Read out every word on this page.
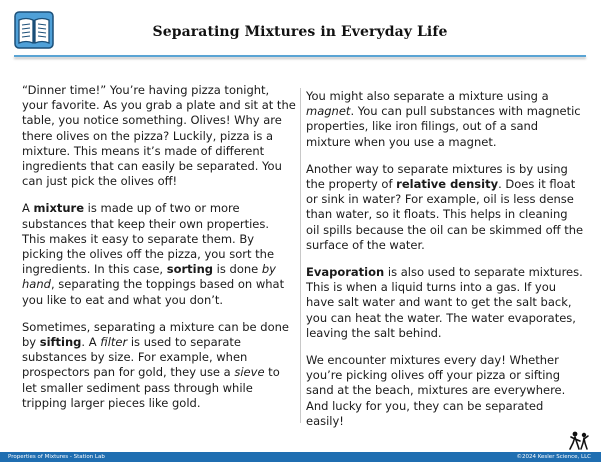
Separating Mixtures in Everyday Life

“Dinner time!” You’re having pizza tonight, your favorite. As you grab a plate and sit at the table, you notice something. Olives! Why are there olives on the pizza? Luckily, pizza is a mixture. This means it’s made of different ingredients that can easily be separated. You can just pick the olives off!

A mixture is made up of two or more substances that keep their own properties. This makes it easy to separate them. By picking the olives off the pizza, you sort the ingredients. In this case, sorting is done by hand, separating the toppings based on what you like to eat and what you don’t.

Sometimes, separating a mixture can be done by sifting. A filter is used to separate substances by size. For example, when prospectors pan for gold, they use a sieve to let smaller sediment pass through while tripping larger pieces like gold.

You might also separate a mixture using a magnet. You can pull substances with magnetic properties, like iron filings, out of a sand mixture when you use a magnet.

Another way to separate mixtures is by using the property of relative density. Does it float or sink in water? For example, oil is less dense than water, so it floats. This helps in cleaning oil spills because the oil can be skimmed off the surface of the water.

Evaporation is also used to separate mixtures. This is when a liquid turns into a gas. If you have salt water and want to get the salt back, you can heat the water. The water evaporates, leaving the salt behind.

We encounter mixtures every day! Whether you’re picking olives off your pizza or sifting sand at the beach, mixtures are everywhere. And lucky for you, they can be separated easily!

Properties of Mixtures - Station Lab	©2024 Kesler Science, LLC
